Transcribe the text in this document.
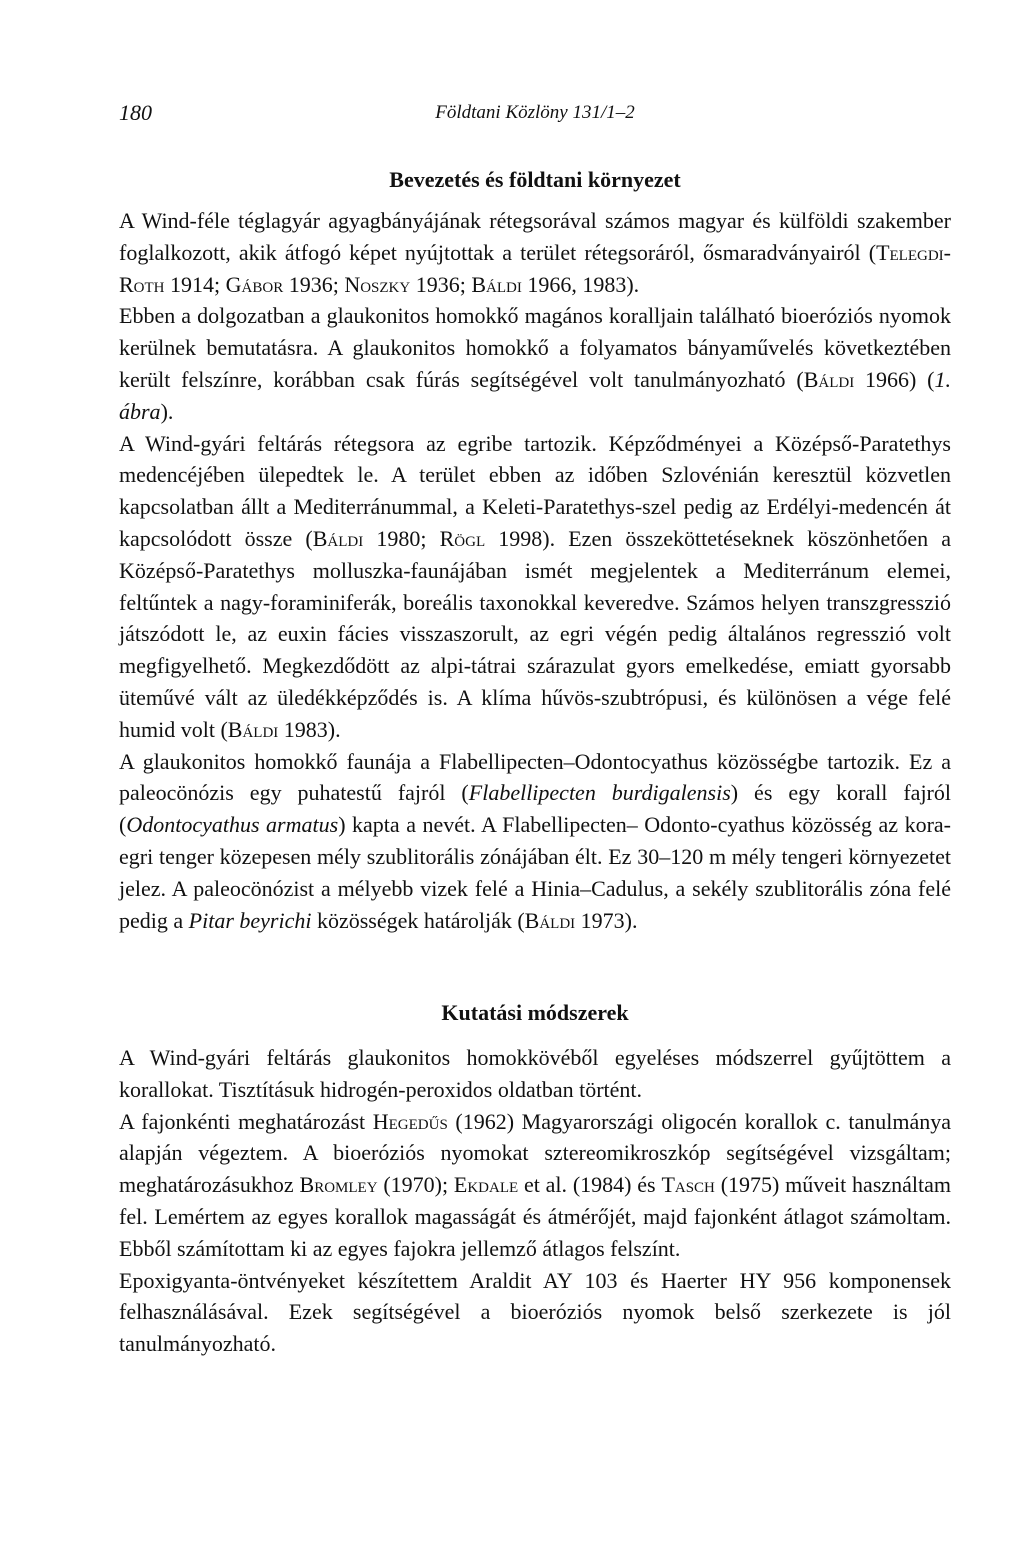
180	Földtani Közlöny 131/1–2
Bevezetés és földtani környezet

A Wind-féle téglagyár agyagbányájának rétegsorával számos magyar és külföldi szakember foglalkozott, akik átfogó képet nyújtottak a terület rétegsoráról, ősmaradványairól (Telegdi-Roth 1914; Gábor 1936; Noszky 1936; Báldi 1966, 1983).

Ebben a dolgozatban a glaukonitos homokkő magános koralljain található bioeróziós nyomok kerülnek bemutatásra. A glaukonitos homokkő a folyamatos bányaművelés következtében került felszínre, korábban csak fúrás segítségével volt tanulmányozható (Báldi 1966) (1. ábra).

A Wind-gyári feltárás rétegsora az egribe tartozik. Képződményei a Középső-Paratethys medencéjében ülepedtek le. A terület ebben az időben Szlovénián keresztül közvetlen kapcsolatban állt a Mediterránummal, a Keleti-Paratethys-szel pedig az Erdélyi-medencén át kapcsolódott össze (Báldi 1980; Rögl 1998). Ezen összeköttetéseknek köszönhetően a Középső-Paratethys molluszka-faunájában ismét megjelentek a Mediterránum elemei, feltűntek a nagy-foraminiferák, boreális taxonokkal keveredve. Számos helyen transzgresszió játszódott le, az euxin fácies visszaszorult, az egri végén pedig általános regresszió volt megfigyelhető. Megkezdődött az alpi-tátrai szárazulat gyors emelkedése, emiatt gyorsabb üteművé vált az üledékképződés is. A klíma hűvös-szubtrópusi, és különösen a vége felé humid volt (Báldi 1983).

A glaukonitos homokkő faunája a Flabellipecten–Odontocyathus közösségbe tartozik. Ez a paleocönózis egy puhatestű fajról (Flabellipecten burdigalensis) és egy korall fajról (Odontocyathus armatus) kapta a nevét. A Flabellipecten– Odonto-cyathus közösség az kora-egri tenger közepesen mély szublitorális zónájában élt. Ez 30–120 m mély tengeri környezetet jelez. A paleocönózist a mélyebb vizek felé a Hinia–Cadulus, a sekély szublitorális zóna felé pedig a Pitar beyrichi közösségek határolják (Báldi 1973).

Kutatási módszerek

A Wind-gyári feltárás glaukonitos homokkövéből egyeléses módszerrel gyűjtöttem a korallokat. Tisztításuk hidrogén-peroxidos oldatban történt.

A fajonkénti meghatározást Hegedűs (1962) Magyarországi oligocén korallok c. tanulmánya alapján végeztem. A bioeróziós nyomokat sztereomikroszkóp segítségével vizsgáltam; meghatározásukhoz Bromley (1970); Ekdale et al. (1984) és Tasch (1975) műveit használtam fel. Lemértem az egyes korallok magasságát és átmérőjét, majd fajonként átlagot számoltam. Ebből számítottam ki az egyes fajokra jellemző átlagos felszínt.

Epoxigyanta-öntvényeket készítettem Araldit AY 103 és Haerter HY 956 komponensek felhasználásával. Ezek segítségével a bioeróziós nyomok belső szerkezete is jól tanulmányozható.
